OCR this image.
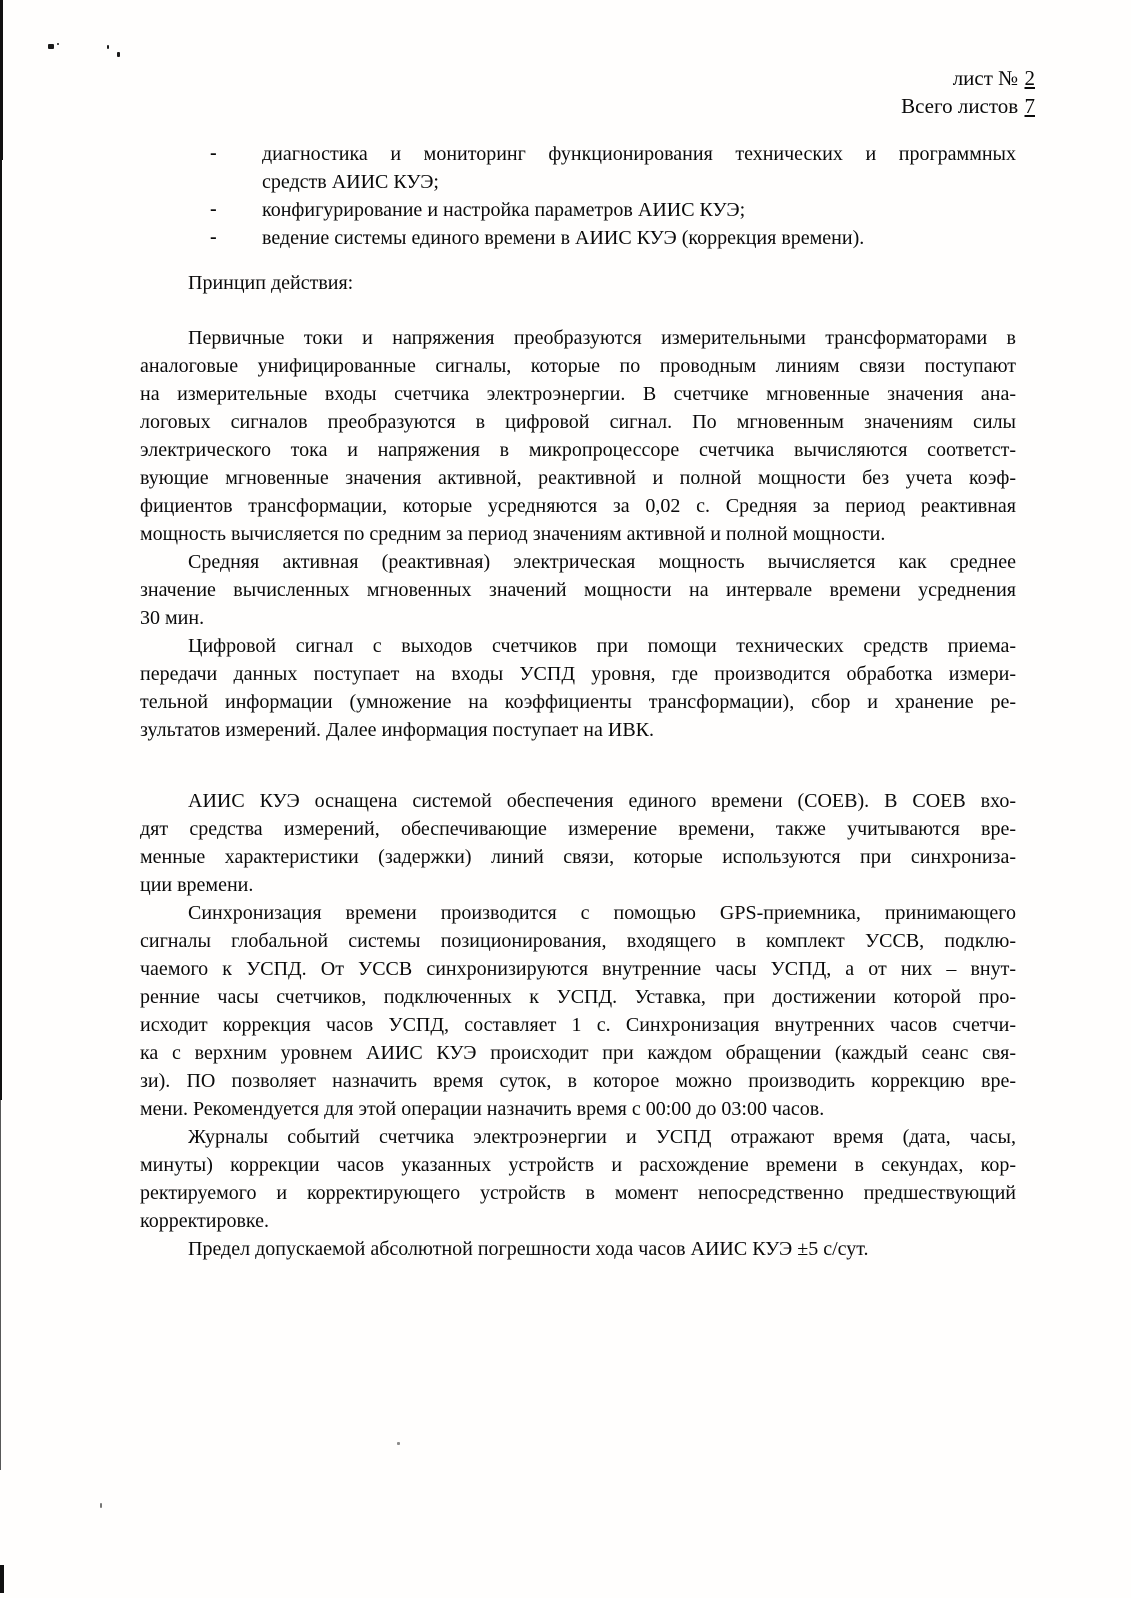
лист № 2
Всего листов 7
- диагностика и мониторинг функционирования технических и программных
средств АИИС КУЭ;
- конфигурирование и настройка параметров АИИС КУЭ;
- ведение системы единого времени в АИИС КУЭ (коррекция времени).
Принцип действия:
Первичные токи и напряжения преобразуются измерительными трансформаторами в
аналоговые унифицированные сигналы, которые по проводным линиям связи поступают
на измерительные входы счетчика электроэнергии. В счетчике мгновенные значения ана-
логовых сигналов преобразуются в цифровой сигнал. По мгновенным значениям силы
электрического тока и напряжения в микропроцессоре счетчика вычисляются соответст-
вующие мгновенные значения активной, реактивной и полной мощности без учета коэф-
фициентов трансформации, которые усредняются за 0,02 с. Средняя за период реактивная
мощность вычисляется по средним за период значениям активной и полной мощности.
Средняя активная (реактивная) электрическая мощность вычисляется как среднее
значение вычисленных мгновенных значений мощности на интервале времени усреднения
30 мин.
Цифровой сигнал с выходов счетчиков при помощи технических средств приема-
передачи данных поступает на входы УСПД уровня, где производится обработка измери-
тельной информации (умножение на коэффициенты трансформации), сбор и хранение ре-
зультатов измерений. Далее информация поступает на ИВК.
АИИС КУЭ оснащена системой обеспечения единого времени (СОЕВ). В СОЕВ вхо-
дят средства измерений, обеспечивающие измерение времени, также учитываются вре-
менные характеристики (задержки) линий связи, которые используются при синхрониза-
ции времени.
Синхронизация времени производится с помощью GPS-приемника, принимающего
сигналы глобальной системы позиционирования, входящего в комплект УССВ, подклю-
чаемого к УСПД. От УССВ синхронизируются внутренние часы УСПД, а от них – внут-
ренние часы счетчиков, подключенных к УСПД. Уставка, при достижении которой про-
исходит коррекция часов УСПД, составляет 1 с. Синхронизация внутренних часов счетчи-
ка с верхним уровнем АИИС КУЭ происходит при каждом обращении (каждый сеанс свя-
зи). ПО позволяет назначить время суток, в которое можно производить коррекцию вре-
мени. Рекомендуется для этой операции назначить время с 00:00 до 03:00 часов.
Журналы событий счетчика электроэнергии и УСПД отражают время (дата, часы,
минуты) коррекции часов указанных устройств и расхождение времени в секундах, кор-
ректируемого и корректирующего устройств в момент непосредственно предшествующий
корректировке.
Предел допускаемой абсолютной погрешности хода часов АИИС КУЭ ±5 с/сут.
